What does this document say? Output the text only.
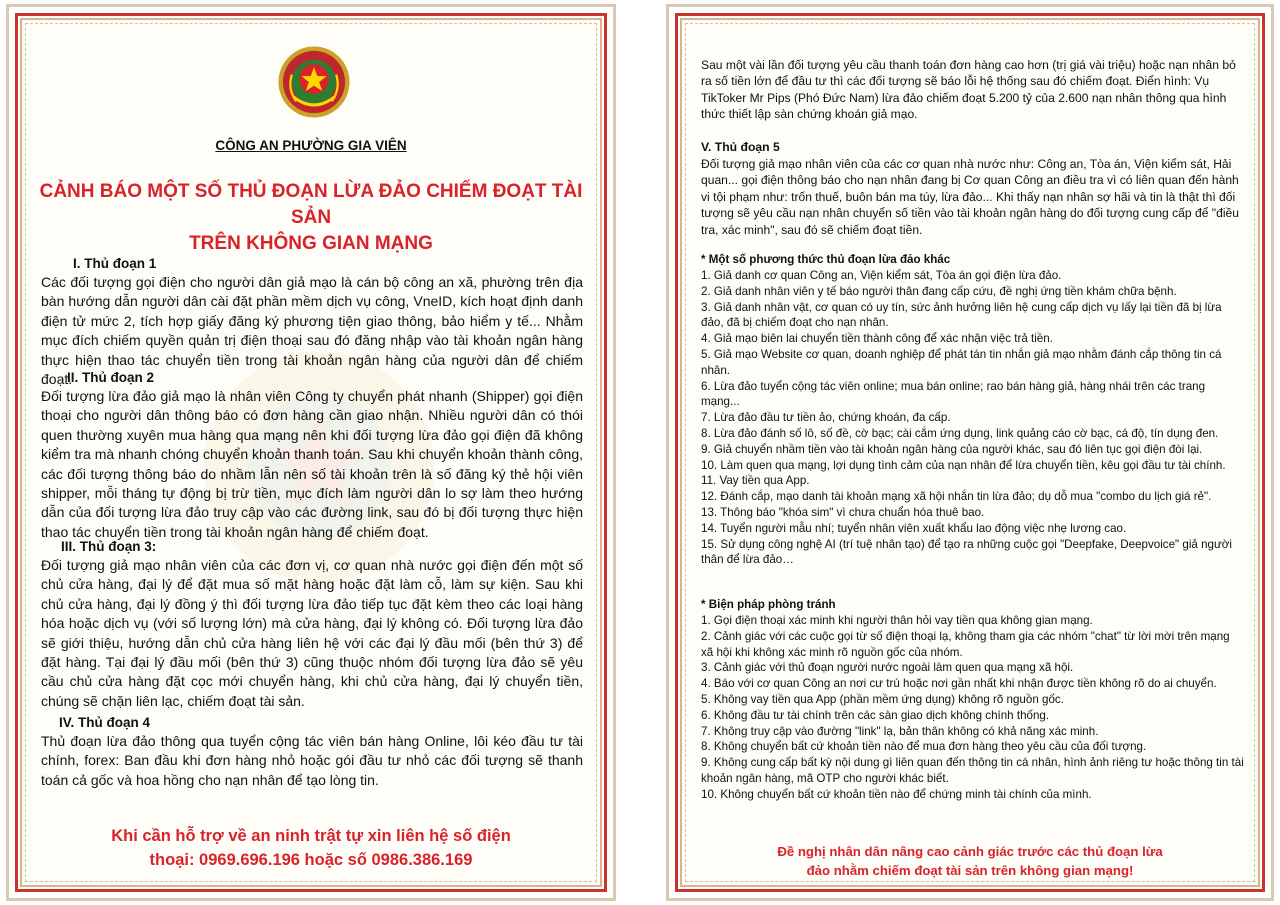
CÔNG AN PHƯỜNG GIA VIÊN
CẢNH BÁO MỘT SỐ THỦ ĐOẠN LỪA ĐẢO CHIẾM ĐOẠT TÀI SẢN
TRÊN KHÔNG GIAN MẠNG
I. Thủ đoạn 1
Các đối tượng gọi điện cho người dân giả mạo là cán bộ công an xã, phường trên địa bàn hướng dẫn người dân cài đặt phần mềm dịch vụ công, VneID, kích hoạt định danh điện tử mức 2, tích hợp giấy đăng ký phương tiện giao thông, bảo hiểm y tế... Nhằm mục đích chiếm quyền quản trị điện thoại sau đó đăng nhập vào tài khoản ngân hàng thực hiện thao tác chuyển tiền trong tài khoản ngân hàng của người dân để chiếm đoạt.
II. Thủ đoạn 2
Đối tượng lừa đảo giả mạo là nhân viên Công ty chuyển phát nhanh (Shipper) gọi điện thoại cho người dân thông báo có đơn hàng cần giao nhận. Nhiều người dân có thói quen thường xuyên mua hàng qua mạng nên khi đối tượng lừa đảo gọi điện đã không kiểm tra mà nhanh chóng chuyển khoản thanh toán. Sau khi chuyển khoản thành công, các đối tượng thông báo do nhầm lẫn nên số tài khoản trên là số đăng ký thẻ hội viên shipper, mỗi tháng tự động bị trừ tiền, mục đích làm người dân lo sợ làm theo hướng dẫn của đối tượng lừa đảo truy cập vào các đường link, sau đó bị đối tượng thực hiện thao tác chuyển tiền trong tài khoản ngân hàng để chiếm đoạt.
III. Thủ đoạn 3:
Đối tượng giả mạo nhân viên của các đơn vị, cơ quan nhà nước gọi điện đến một số chủ cửa hàng, đại lý để đặt mua số mặt hàng hoặc đặt làm cỗ, làm sự kiện. Sau khi chủ cửa hàng, đại lý đồng ý thì đối tượng lừa đảo tiếp tục đặt kèm theo các loại hàng hóa hoặc dịch vụ (với số lượng lớn) mà cửa hàng, đại lý không có. Đối tượng lừa đảo sẽ giới thiệu, hướng dẫn chủ cửa hàng liên hệ với các đại lý đầu mối (bên thứ 3) để đặt hàng. Tại đại lý đầu mối (bên thứ 3) cũng thuộc nhóm đối tượng lừa đảo sẽ yêu cầu chủ cửa hàng đặt cọc mới chuyển hàng, khi chủ cửa hàng, đại lý chuyển tiền, chúng sẽ chặn liên lạc, chiếm đoạt tài sản.
IV. Thủ đoạn 4
Thủ đoạn lừa đảo thông qua tuyển cộng tác viên bán hàng Online, lôi kéo đầu tư tài chính, forex: Ban đầu khi đơn hàng nhỏ hoặc gói đầu tư nhỏ các đối tượng sẽ thanh toán cả gốc và hoa hồng cho nạn nhân để tạo lòng tin.
Khi cần hỗ trợ về an ninh trật tự xin liên hệ số điện
thoại: 0969.696.196 hoặc số 0986.386.169
Sau một vài lần đối tượng yêu cầu thanh toán đơn hàng cao hơn (trị giá vài triệu) hoặc nạn nhân bỏ ra số tiền lớn để đầu tư thì các đối tượng sẽ báo lỗi hệ thống sau đó chiếm đoạt. Điển hình: Vụ TikToker Mr Pips (Phó Đức Nam) lừa đảo chiếm đoạt 5.200 tỷ của 2.600 nạn nhân thông qua hình thức thiết lập sàn chứng khoán giả mạo.
V. Thủ đoạn 5
Đối tượng giả mạo nhân viên của các cơ quan nhà nước như: Công an, Tòa án, Viện kiểm sát, Hải quan... gọi điện thông báo cho nạn nhân đang bị Cơ quan Công an điều tra vì có liên quan đến hành vi tội phạm như: trốn thuế, buôn bán ma túy, lừa đảo... Khi thấy nạn nhân sợ hãi và tin là thật thì đối tượng sẽ yêu cầu nạn nhân chuyển số tiền vào tài khoản ngân hàng do đối tượng cung cấp để "điều tra, xác minh", sau đó sẽ chiếm đoạt tiền.
* Một số phương thức thủ đoạn lừa đảo khác
1. Giả danh cơ quan Công an, Viện kiểm sát, Tòa án gọi điện lừa đảo.
2. Giả danh nhân viên y tế báo người thân đang cấp cứu, đề nghị ứng tiền khám chữa bệnh.
3. Giả danh nhân vật, cơ quan có uy tín, sức ảnh hưởng liên hệ cung cấp dịch vụ lấy lại tiền đã bị lừa đảo, đã bị chiếm đoạt cho nạn nhân.
4. Giả mạo biên lai chuyển tiền thành công để xác nhận việc trả tiền.
5. Giả mạo Website cơ quan, doanh nghiệp để phát tán tin nhắn giả mạo nhằm đánh cắp thông tin cá nhân.
6. Lừa đảo tuyển cộng tác viên online; mua bán online; rao bán hàng giả, hàng nhái trên các trang mạng...
7. Lừa đảo đầu tư tiền ảo, chứng khoán, đa cấp.
8. Lừa đảo đánh số lô, số đề, cờ bạc; cài cắm ứng dụng, link quảng cáo cờ bạc, cá độ, tín dụng đen.
9. Giả chuyển nhầm tiền vào tài khoản ngân hàng của người khác, sau đó liên tục gọi điện đòi lại.
10. Làm quen qua mạng, lợi dụng tình cảm của nạn nhân để lừa chuyển tiền, kêu gọi đầu tư tài chính.
11. Vay tiền qua App.
12. Đánh cắp, mạo danh tài khoản mạng xã hội nhắn tin lừa đảo; dụ dỗ mua "combo du lịch giá rẻ".
13. Thông báo "khóa sim" vì chưa chuẩn hóa thuê bao.
14. Tuyển người mẫu nhí; tuyển nhân viên xuất khẩu lao động việc nhẹ lương cao.
15. Sử dụng công nghệ AI (trí tuệ nhân tạo) để tạo ra những cuộc gọi "Deepfake, Deepvoice" giả người thân để lừa đảo…
* Biện pháp phòng tránh
1. Gọi điện thoại xác minh khi người thân hỏi vay tiền qua không gian mạng.
2. Cảnh giác với các cuộc gọi từ số điện thoại lạ, không tham gia các nhóm "chat" từ lời mời trên mạng xã hội khi không xác minh rõ nguồn gốc của nhóm.
3. Cảnh giác với thủ đoạn người nước ngoài làm quen qua mạng xã hội.
4. Báo với cơ quan Công an nơi cư trú hoặc nơi gần nhất khi nhận được tiền không rõ do ai chuyển.
5. Không vay tiền qua App (phần mềm ứng dụng) không rõ nguồn gốc.
6. Không đầu tư tài chính trên các sàn giao dịch không chính thống.
7. Không truy cập vào đường "link" lạ, bản thân không có khả năng xác minh.
8. Không chuyển bất cứ khoản tiền nào để mua đơn hàng theo yêu cầu của đối tượng.
9. Không cung cấp bất kỳ nội dung gì liên quan đến thông tin cá nhân, hình ảnh riêng tư hoặc thông tin tài khoản ngân hàng, mã OTP cho người khác biết.
10. Không chuyển bất cứ khoản tiền nào để chứng minh tài chính của mình.
Đề nghị nhân dân nâng cao cảnh giác trước các thủ đoạn lừa
đảo nhằm chiếm đoạt tài sản trên không gian mạng!
